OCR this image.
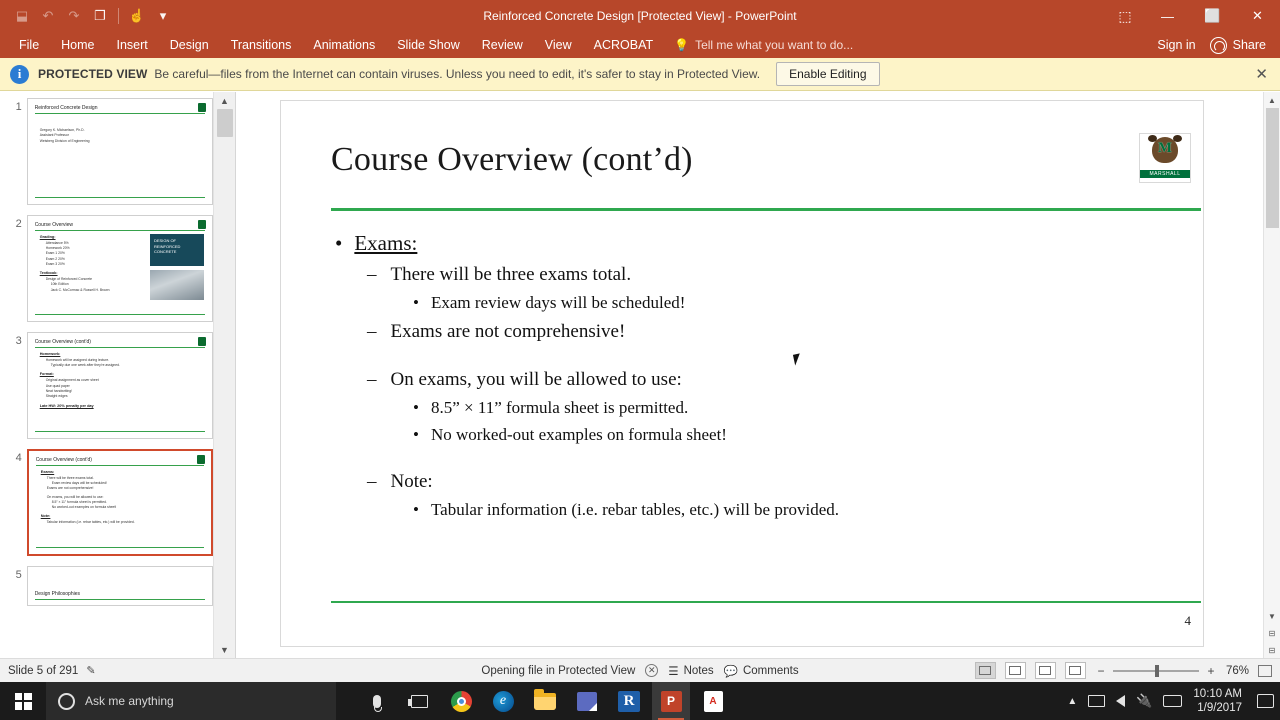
⬓	↶	↷	❐	☝	▾	Reinforced Concrete Design [Protected View] - PowerPoint	⬚	—	⬜	✕
File	Home	Insert	Design	Transitions	Animations	Slide Show	Review	View	ACROBAT	💡 Tell me what you want to do...	Sign in	Share
i	PROTECTED VIEW Be careful—files from the Internet can contain viruses. Unless you need to edit, it's safer to stay in Protected View.	Enable Editing	✕
1	Reinforced Concrete Design
Gregory K. Michaelson, Ph.D.
Assistant Professor
Weisberg Division of Engineering
2	Course Overview
Grading:
Attendance 5%
Homework 20%
Exam 1 20%
Exam 2 20%
Exam 3 20%
Textbook:
Design of Reinforced Concrete
10th Edition
Jack C. McCormac & Russell H. Brown
DESIGN OF REINFORCED CONCRETE
3	Course Overview (cont'd)
Homework:
Homework will be assigned during lecture.
Typically due one week after they're assigned.
Format:
Original assignment as cover sheet
Use quad paper
Neat handwriting!
Straight edges
Late HW: 20% penalty per day
4	Course Overview (cont'd)
Exams:
There will be three exams total.
Exam review days will be scheduled!
Exams are not comprehensive!
On exams, you will be allowed to use:
8.5” × 11” formula sheet is permitted.
No worked-out examples on formula sheet!
Note:
Tabular information (i.e. rebar tables, etc.) will be provided.
5
Design Philosophies
▲
▼
Course Overview (cont’d)	M
MARSHALL
• Exams:
– There will be three exams total.
• Exam review days will be scheduled!
– Exams are not comprehensive!
– On exams, you will be allowed to use:
• 8.5” × 11” formula sheet is permitted.
• No worked-out examples on formula sheet!
– Note:
• Tabular information (i.e. rebar tables, etc.) will be provided.
4
▲
▼
⊟
⊟
Slide 5 of 291 ✎	Opening file in Protected View	✕ ☰ Notes 💬 Comments	−	+ 76%
Ask me anything	e	R	P	A	▲	🔌	10:10 AM
1/9/2017
